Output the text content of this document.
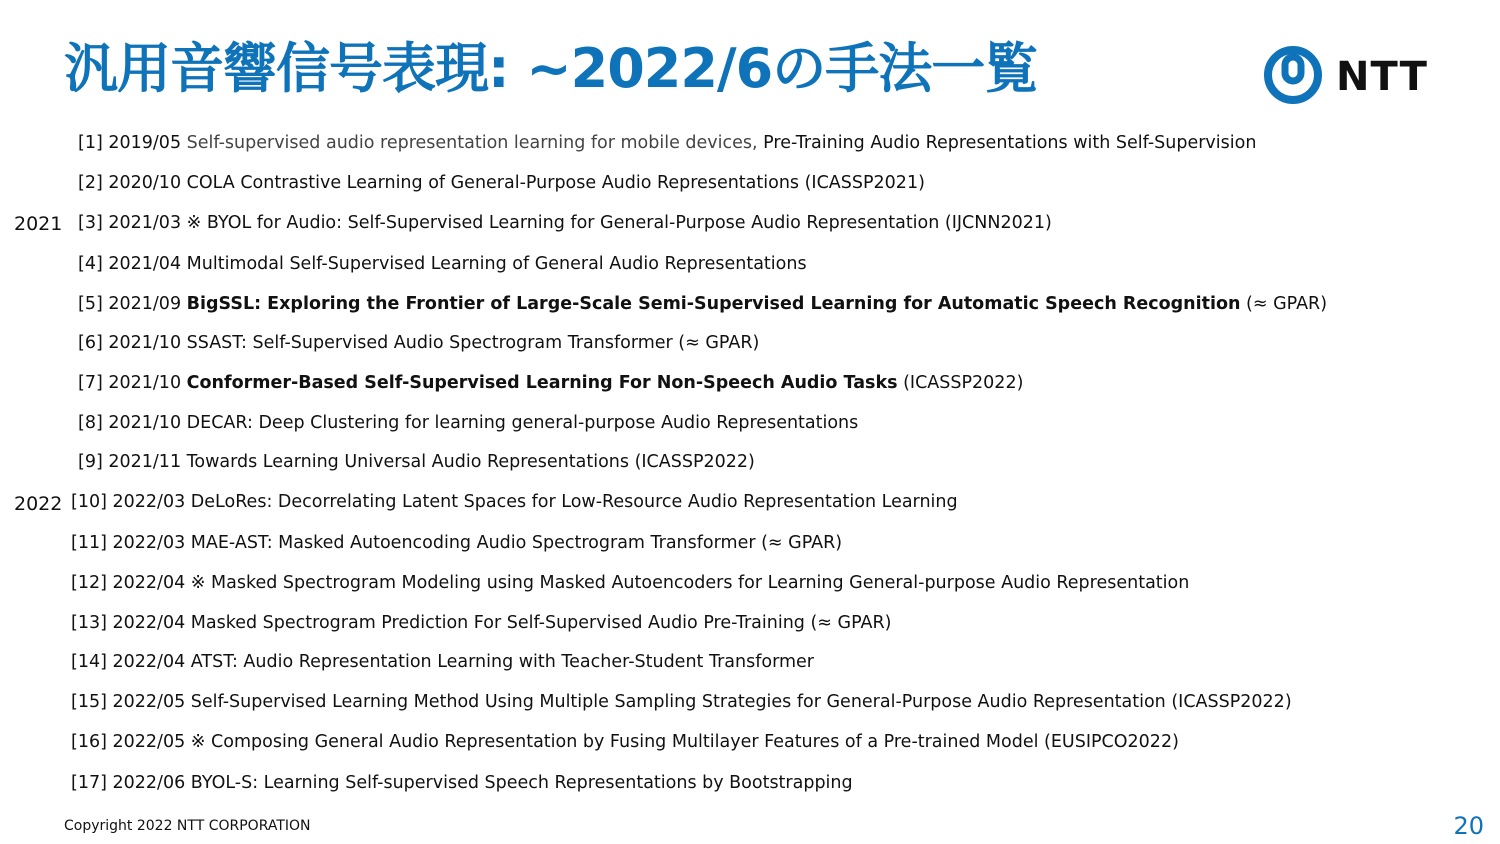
汎用音響信号表現: ~2022/6の手法一覧	NTT
2021
2022
[1] 2019/05 Self-supervised audio representation learning for mobile devices, Pre-Training Audio Representations with Self-Supervision
[2] 2020/10 COLA Contrastive Learning of General-Purpose Audio Representations (ICASSP2021)
[3] 2021/03 ※ BYOL for Audio: Self-Supervised Learning for General-Purpose Audio Representation (IJCNN2021)
[4] 2021/04 Multimodal Self-Supervised Learning of General Audio Representations
[5] 2021/09 BigSSL: Exploring the Frontier of Large-Scale Semi-Supervised Learning for Automatic Speech Recognition (≈ GPAR)
[6] 2021/10 SSAST: Self-Supervised Audio Spectrogram Transformer (≈ GPAR)
[7] 2021/10 Conformer-Based Self-Supervised Learning For Non-Speech Audio Tasks (ICASSP2022)
[8] 2021/10 DECAR: Deep Clustering for learning general-purpose Audio Representations
[9] 2021/11 Towards Learning Universal Audio Representations (ICASSP2022)
[10] 2022/03 DeLoRes: Decorrelating Latent Spaces for Low-Resource Audio Representation Learning
[11] 2022/03 MAE-AST: Masked Autoencoding Audio Spectrogram Transformer (≈ GPAR)
[12] 2022/04 ※ Masked Spectrogram Modeling using Masked Autoencoders for Learning General-purpose Audio Representation
[13] 2022/04 Masked Spectrogram Prediction For Self-Supervised Audio Pre-Training (≈ GPAR)
[14] 2022/04 ATST: Audio Representation Learning with Teacher-Student Transformer
[15] 2022/05 Self-Supervised Learning Method Using Multiple Sampling Strategies for General-Purpose Audio Representation (ICASSP2022)
[16] 2022/05 ※ Composing General Audio Representation by Fusing Multilayer Features of a Pre-trained Model (EUSIPCO2022)
[17] 2022/06 BYOL-S: Learning Self-supervised Speech Representations by Bootstrapping
Copyright 2022 NTT CORPORATION	20
